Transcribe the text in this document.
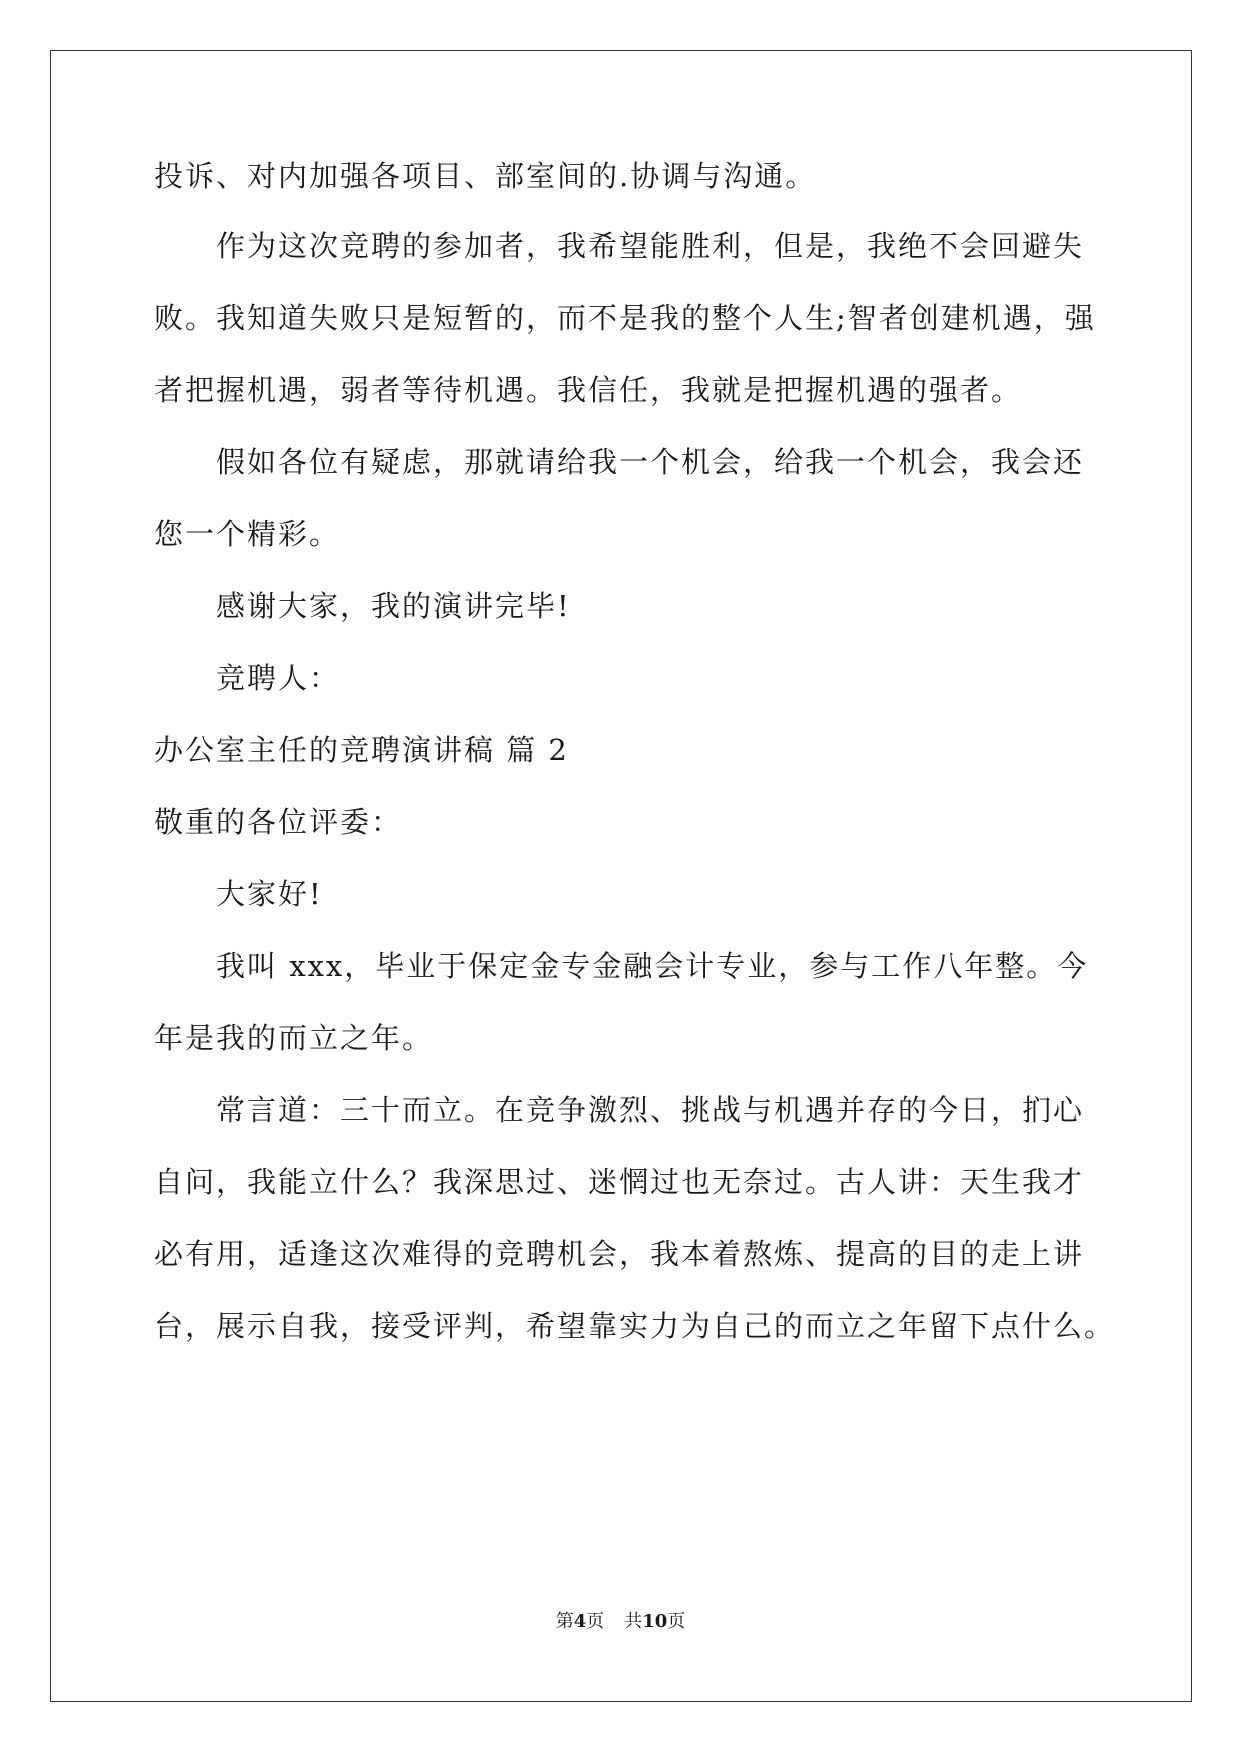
投诉、对内加强各项目、部室间的.协调与沟通。
作为这次竞聘的参加者，我希望能胜利，但是，我绝不会回避失
败。我知道失败只是短暂的，而不是我的整个人生;智者创建机遇，强
者把握机遇，弱者等待机遇。我信任，我就是把握机遇的强者。
假如各位有疑虑，那就请给我一个机会，给我一个机会，我会还
您一个精彩。
感谢大家，我的演讲完毕!
竞聘人：
办公室主任的竞聘演讲稿 篇 2
敬重的各位评委：
大家好!
我叫 xxx，毕业于保定金专金融会计专业，参与工作八年整。今
年是我的而立之年。
常言道：三十而立。在竞争激烈、挑战与机遇并存的今日，扪心
自问，我能立什么？我深思过、迷惘过也无奈过。古人讲：天生我才
必有用，适逢这次难得的竞聘机会，我本着熬炼、提高的目的走上讲
台，展示自我，接受评判，希望靠实力为自己的而立之年留下点什么。
第4页 共10页
